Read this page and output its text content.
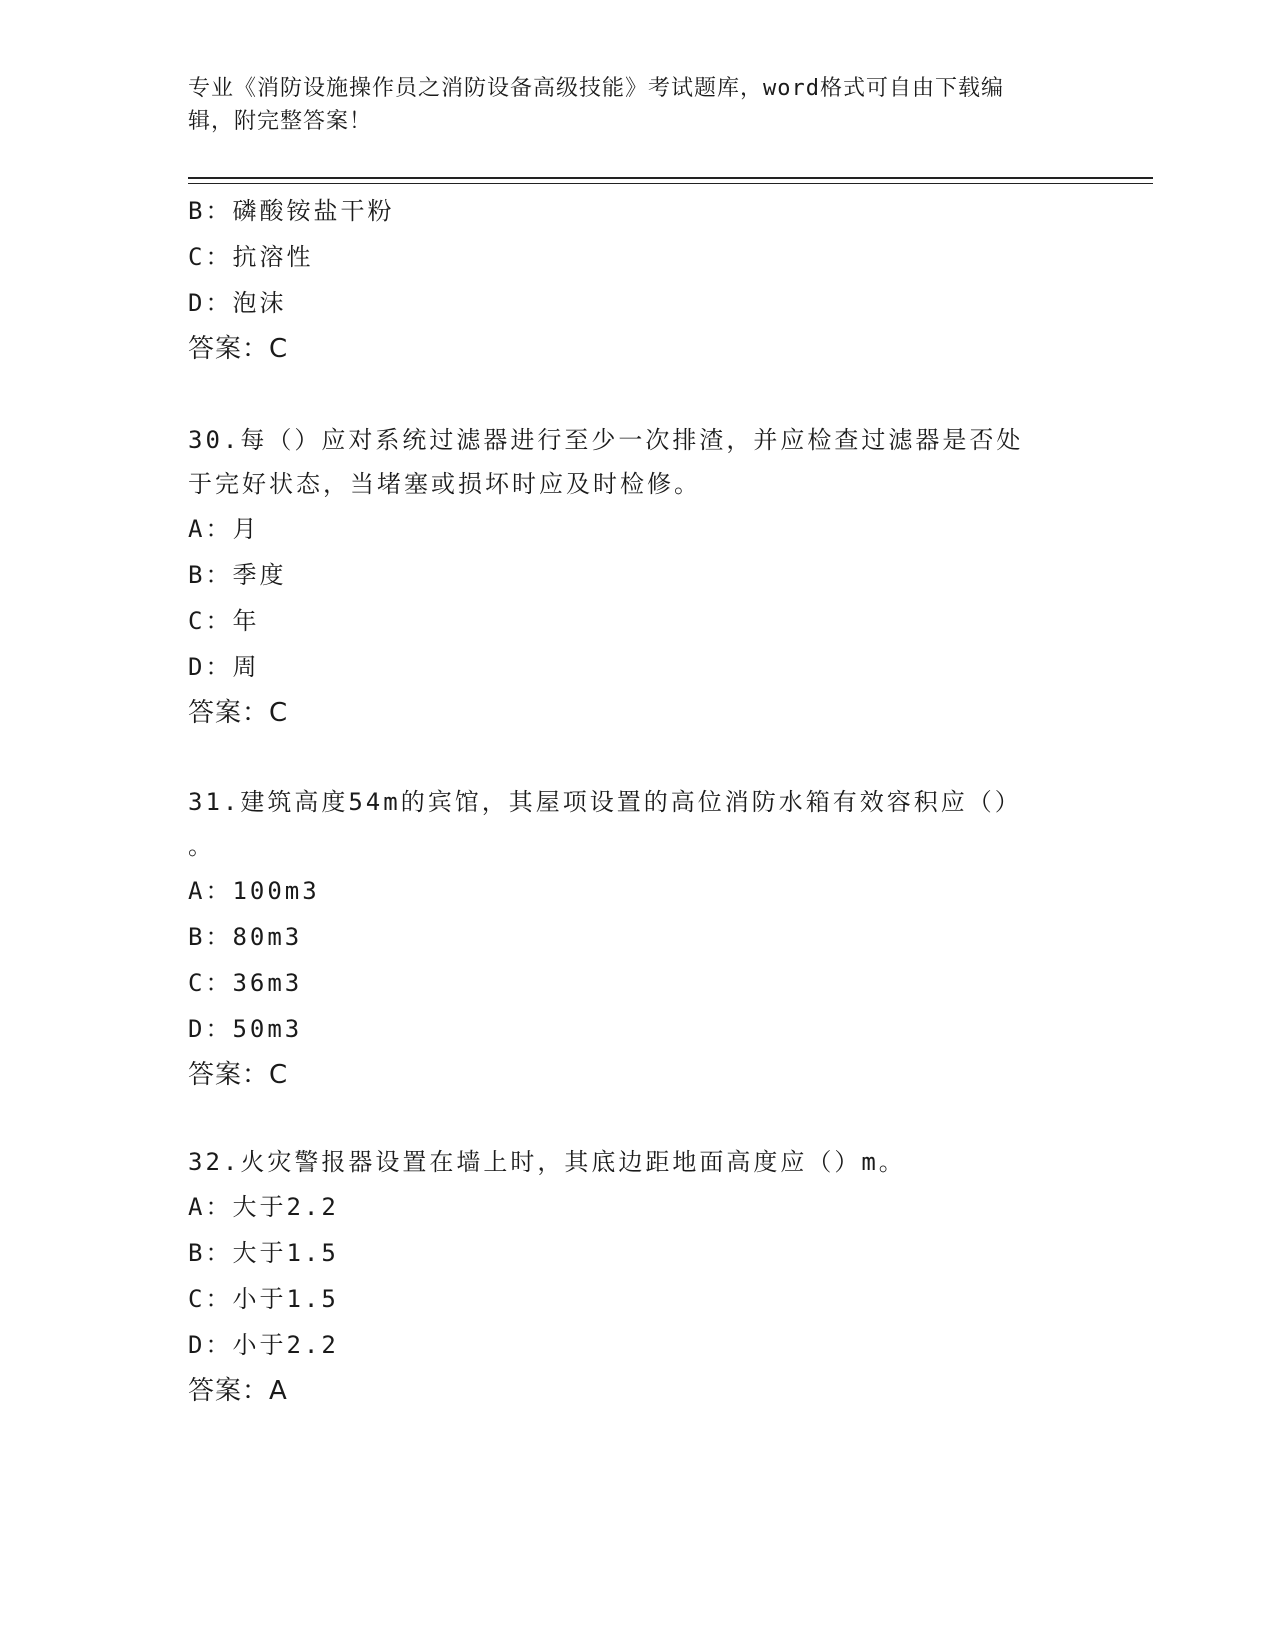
专业《消防设施操作员之消防设备高级技能》考试题库，word格式可自由下载编
辑，附完整答案！
B：磷酸铵盐干粉
C：抗溶性
D：泡沫
答案：C
30.每（）应对系统过滤器进行至少一次排渣，并应检查过滤器是否处
于完好状态，当堵塞或损坏时应及时检修。
A：月
B：季度
C：年
D：周
答案：C
31.建筑高度54m的宾馆，其屋项设置的高位消防水箱有效容积应（）
。
A：100m3
B：80m3
C：36m3
D：50m3
答案：C
32.火灾警报器设置在墙上时，其底边距地面高度应（）m。
A：大于2.2
B：大于1.5
C：小于1.5
D：小于2.2
答案：A
